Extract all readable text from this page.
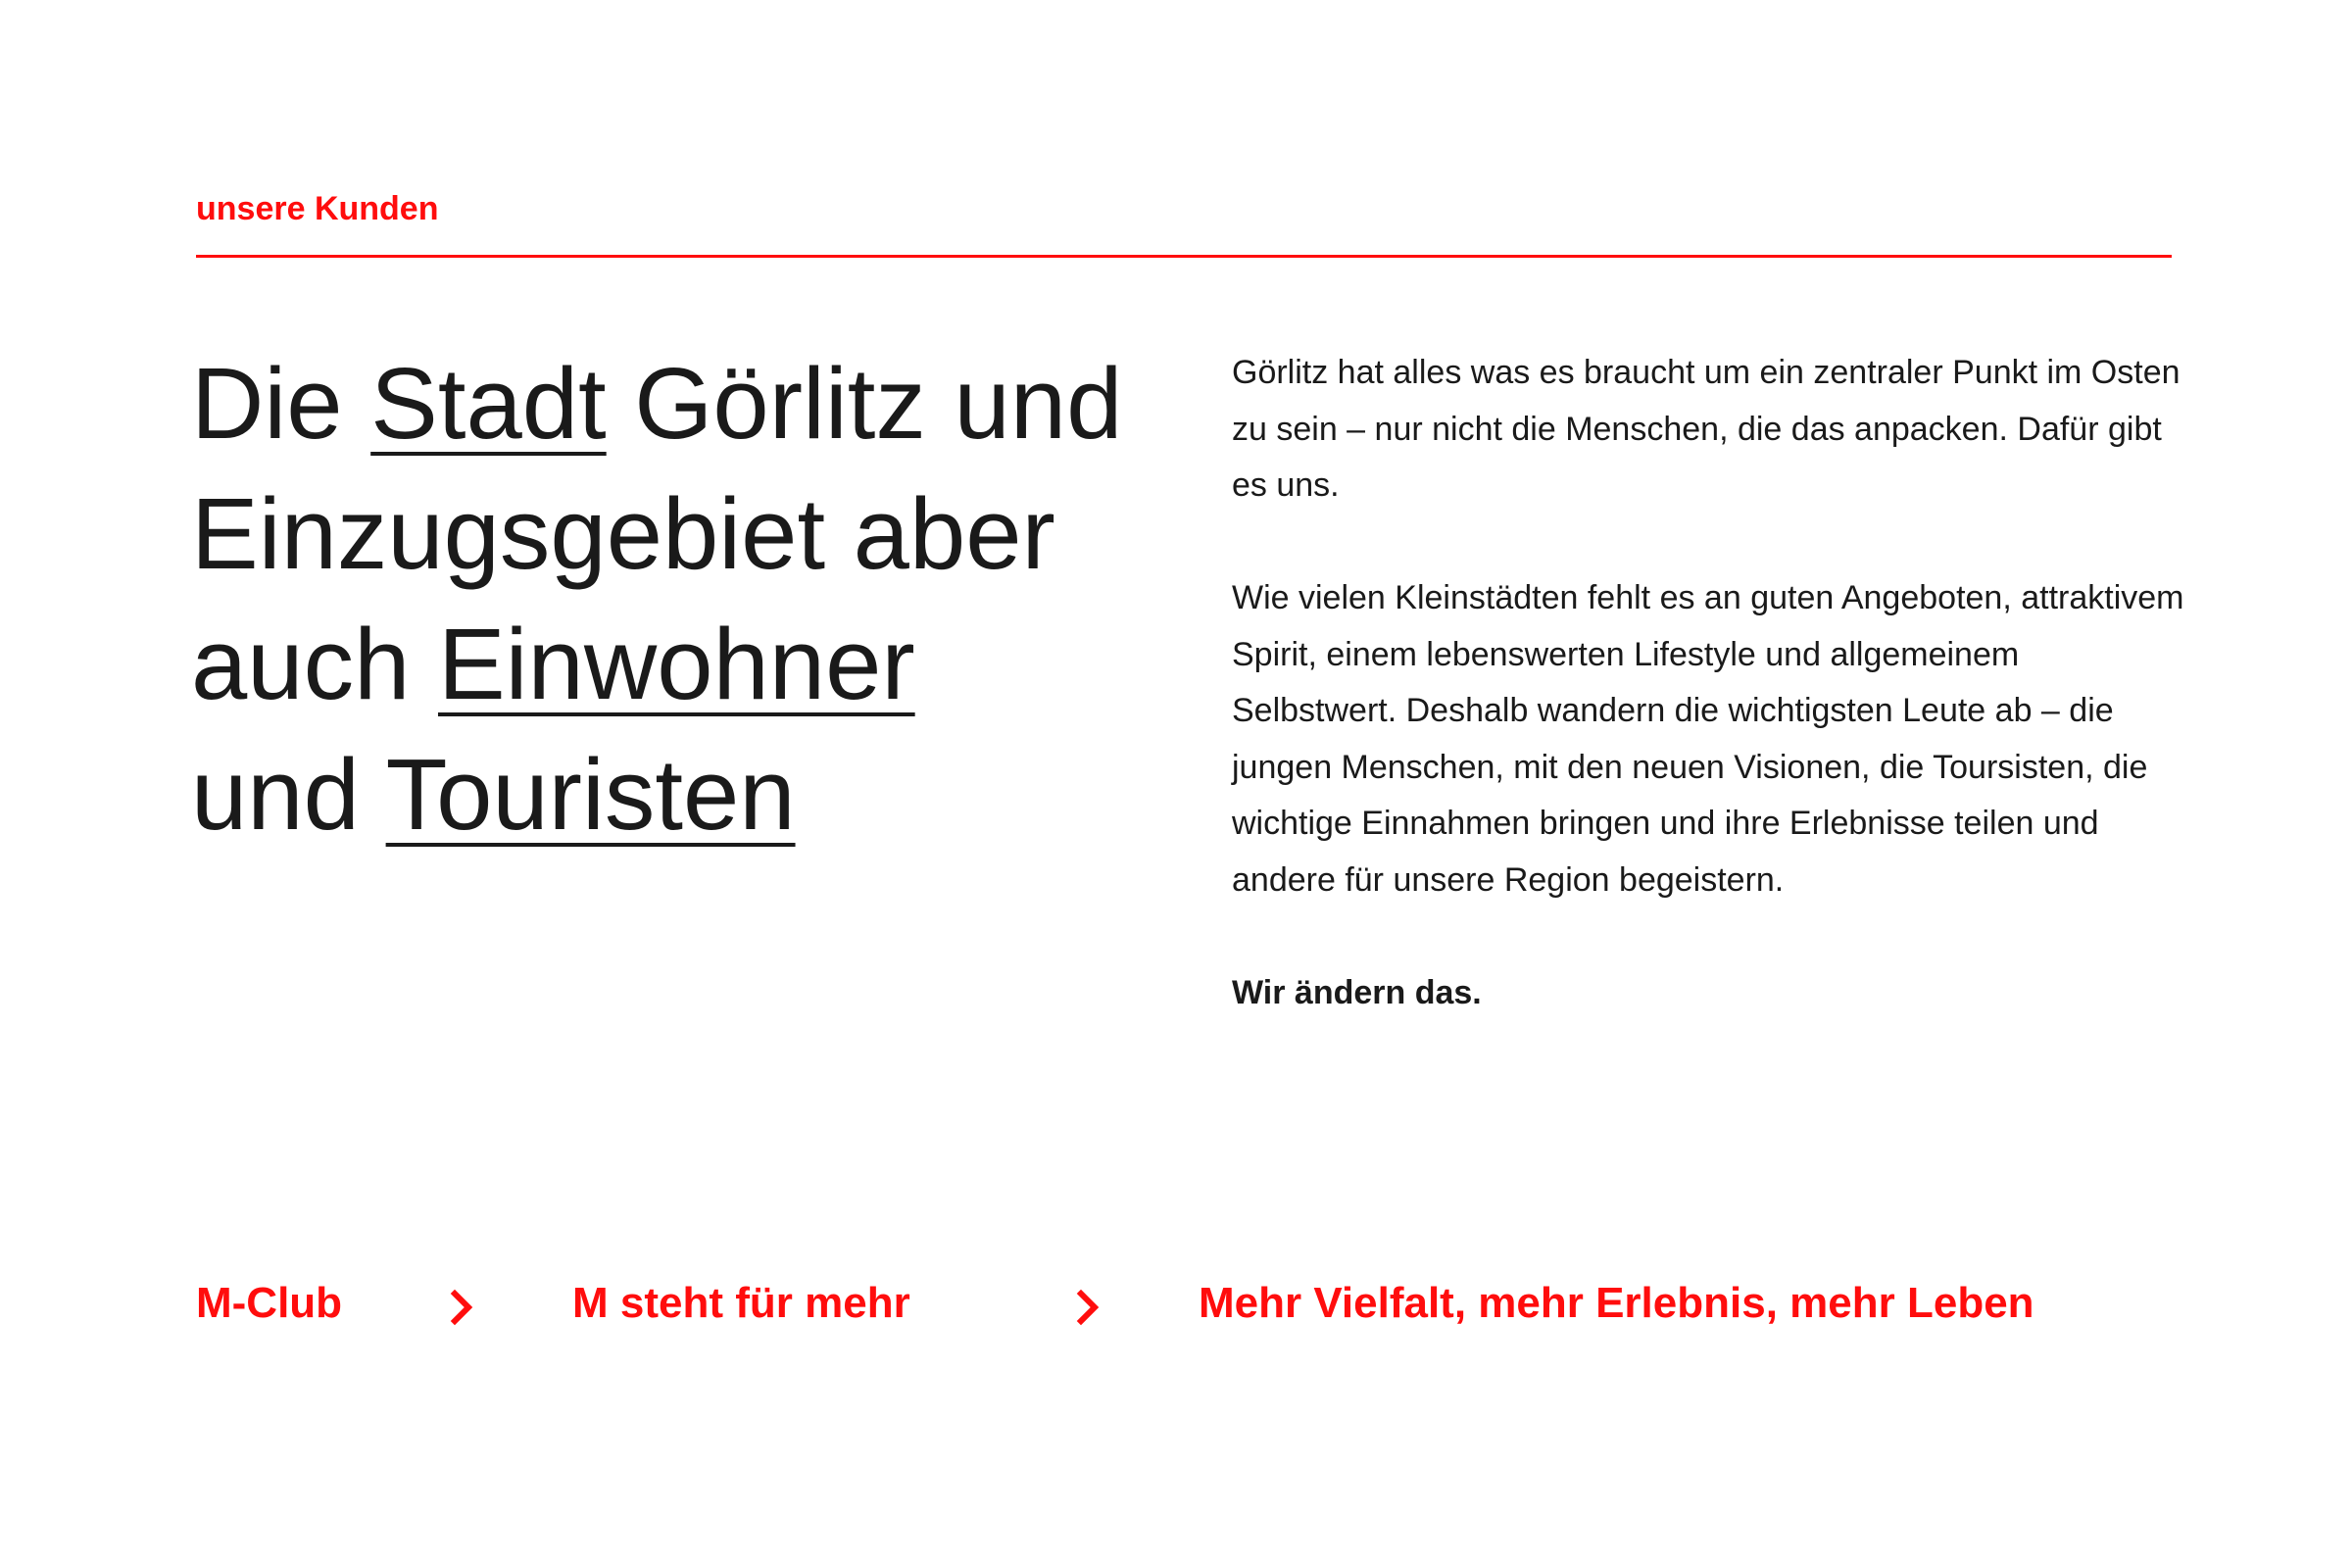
unsere Kunden
Die Stadt Görlitz und Einzugsgebiet aber auch Einwohner
und Touristen

Görlitz hat alles was es braucht um ein zentraler Punkt im Osten zu sein – nur nicht die Menschen, die das anpacken. Dafür gibt es uns.

Wie vielen Kleinstädten fehlt es an guten Angeboten, attraktivem Spirit, einem lebenswerten Lifestyle und allgemeinem Selbstwert. Deshalb wandern die wichtigsten Leute ab – die jungen Menschen, mit den neuen Visionen, die Toursisten, die wichtige Einnahmen bringen und ihre Erlebnisse teilen und andere für unsere Region begeistern.

Wir ändern das.

M-Club	M steht für mehr	Mehr Vielfalt, mehr Erlebnis, mehr Leben
